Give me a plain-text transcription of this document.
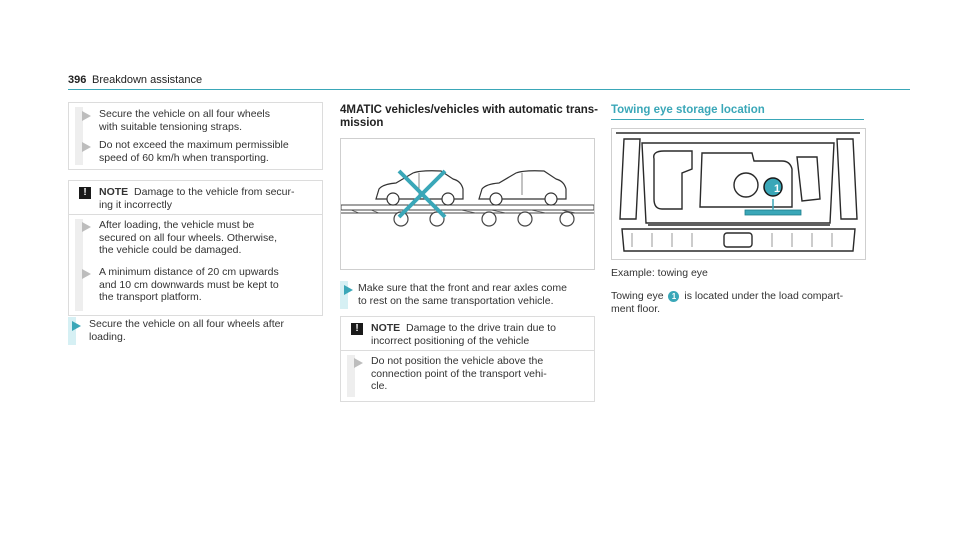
396 Breakdown assistance
Secure the vehicle on all four wheels
with suitable tensioning straps.
Do not exceed the maximum permissible
speed of 60 km/h when transporting.
!	NOTE Damage to the vehicle from secur-
ing it incorrectly
After loading, the vehicle must be
secured on all four wheels. Otherwise,
the vehicle could be damaged.
A minimum distance of 20 cm upwards
and 10 cm downwards must be kept to
the transport platform.
Secure the vehicle on all four wheels after
loading.
4MATIC vehicles/vehicles with automatic trans-
mission
Make sure that the front and rear axles come
to rest on the same transportation vehicle.
!	NOTE Damage to the drive train due to
incorrect positioning of the vehicle
Do not position the vehicle above the
connection point of the transport vehi-
cle.
Towing eye storage location
1
Example: towing eye
Towing eye 1 is located under the load compart-
ment floor.
